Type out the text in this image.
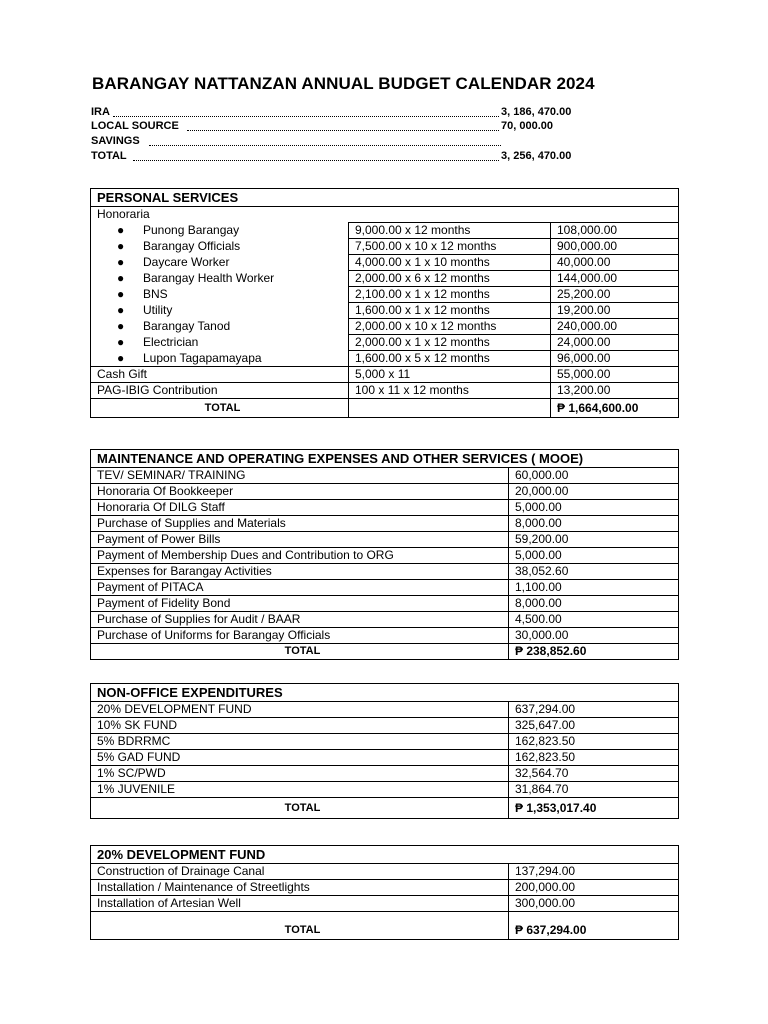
BARANGAY NATTANZAN ANNUAL BUDGET CALENDAR 2024
IRA	3, 186, 470.00
LOCAL SOURCE	70, 000.00
SAVINGS
TOTAL	3, 256, 470.00
PERSONAL SERVICES		
Honoraria		
● Punong Barangay	9,000.00 x 12 months	108,000.00
● Barangay Officials	7,500.00 x 10 x 12 months	900,000.00
● Daycare Worker	4,000.00 x 1 x 10 months	40,000.00
● Barangay Health Worker	2,000.00 x 6 x 12 months	144,000.00
● BNS	2,100.00 x 1 x 12 months	25,200.00
● Utility	1,600.00 x 1 x 12 months	19,200.00
● Barangay Tanod	2,000.00 x 10 x 12 months	240,000.00
● Electrician	2,000.00 x 1 x 12 months	24,000.00
● Lupon Tagapamayapa	1,600.00 x 5 x 12 months	96,000.00
Cash Gift	5,000 x 11	55,000.00
PAG-IBIG Contribution	100 x 11 x 12 months	13,200.00
TOTAL		₱ 1,664,600.00
MAINTENANCE AND OPERATING EXPENSES AND OTHER SERVICES ( MOOE)	
TEV/ SEMINAR/ TRAINING	60,000.00
Honoraria Of Bookkeeper	20,000.00
Honoraria Of DILG Staff	5,000.00
Purchase of Supplies and Materials	8,000.00
Payment of Power Bills	59,200.00
Payment of Membership Dues and Contribution to ORG	5,000.00
Expenses for Barangay Activities	38,052.60
Payment of PITACA	1,100.00
Payment of Fidelity Bond	8,000.00
Purchase of Supplies for Audit / BAAR	4,500.00
Purchase of Uniforms for Barangay Officials	30,000.00
TOTAL	₱ 238,852.60
NON-OFFICE EXPENDITURES	
20% DEVELOPMENT FUND	637,294.00
10% SK FUND	325,647.00
5% BDRRMC	162,823.50
5% GAD FUND	162,823.50
1% SC/PWD	32,564.70
1% JUVENILE	31,864.70
TOTAL	₱ 1,353,017.40
20% DEVELOPMENT FUND	
Construction of Drainage Canal	137,294.00
Installation / Maintenance of Streetlights	200,000.00
Installation of Artesian Well	300,000.00
TOTAL	₱ 637,294.00
